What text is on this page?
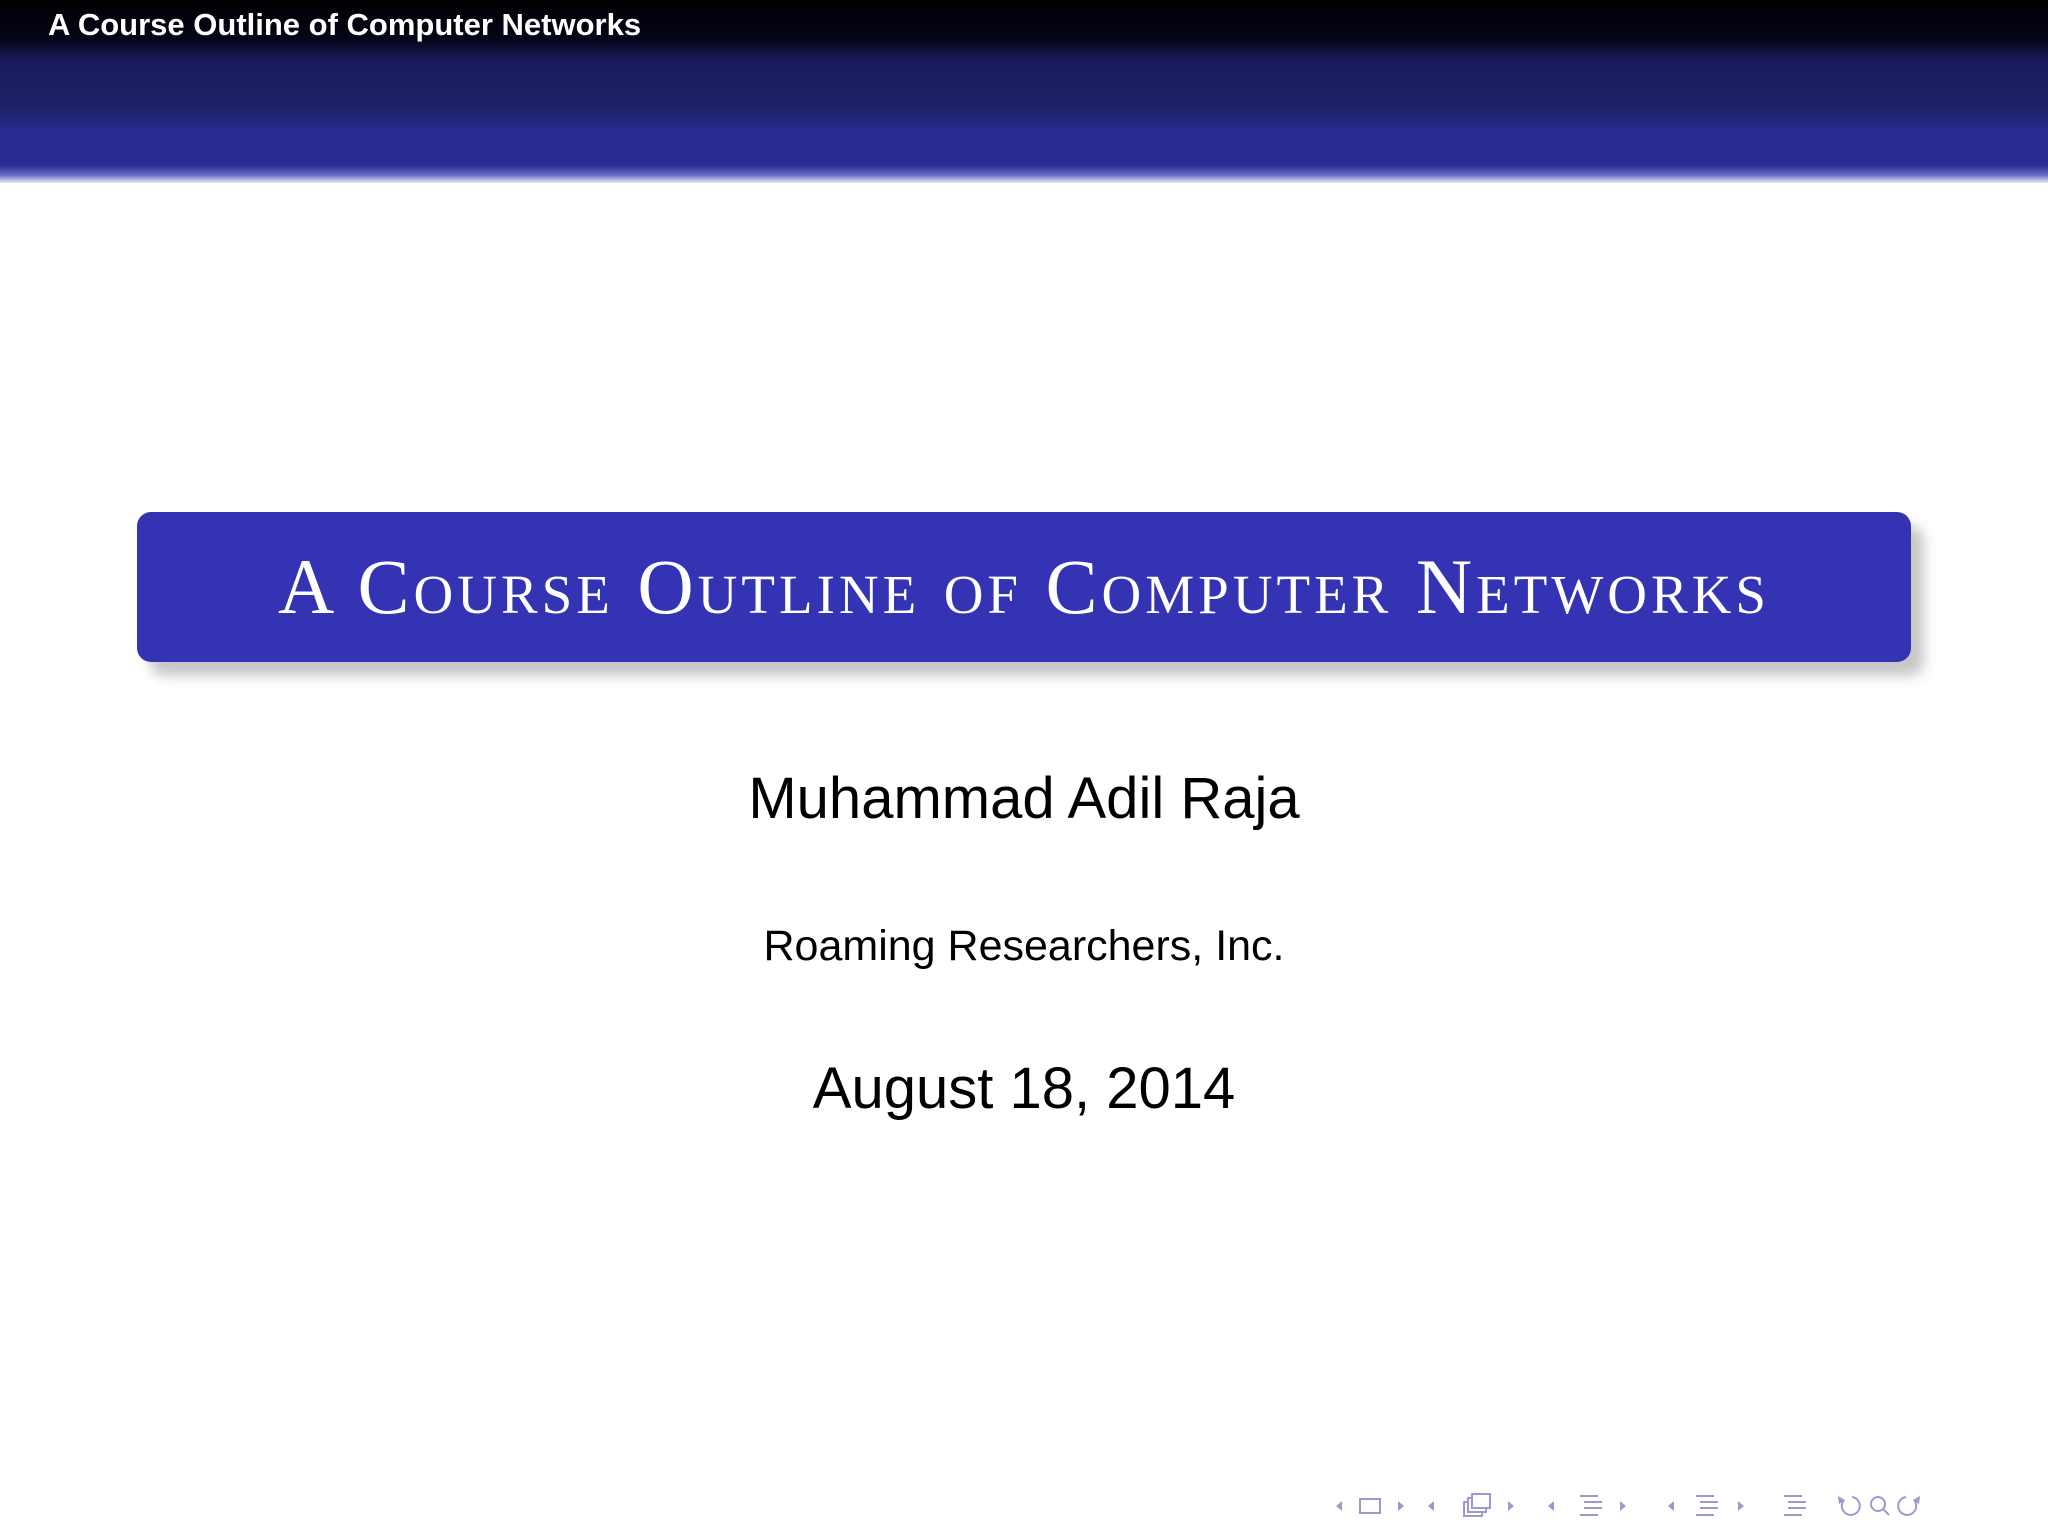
A Course Outline of Computer Networks
A Course Outline of Computer Networks
Muhammad Adil Raja
Roaming Researchers, Inc.
August 18, 2014
